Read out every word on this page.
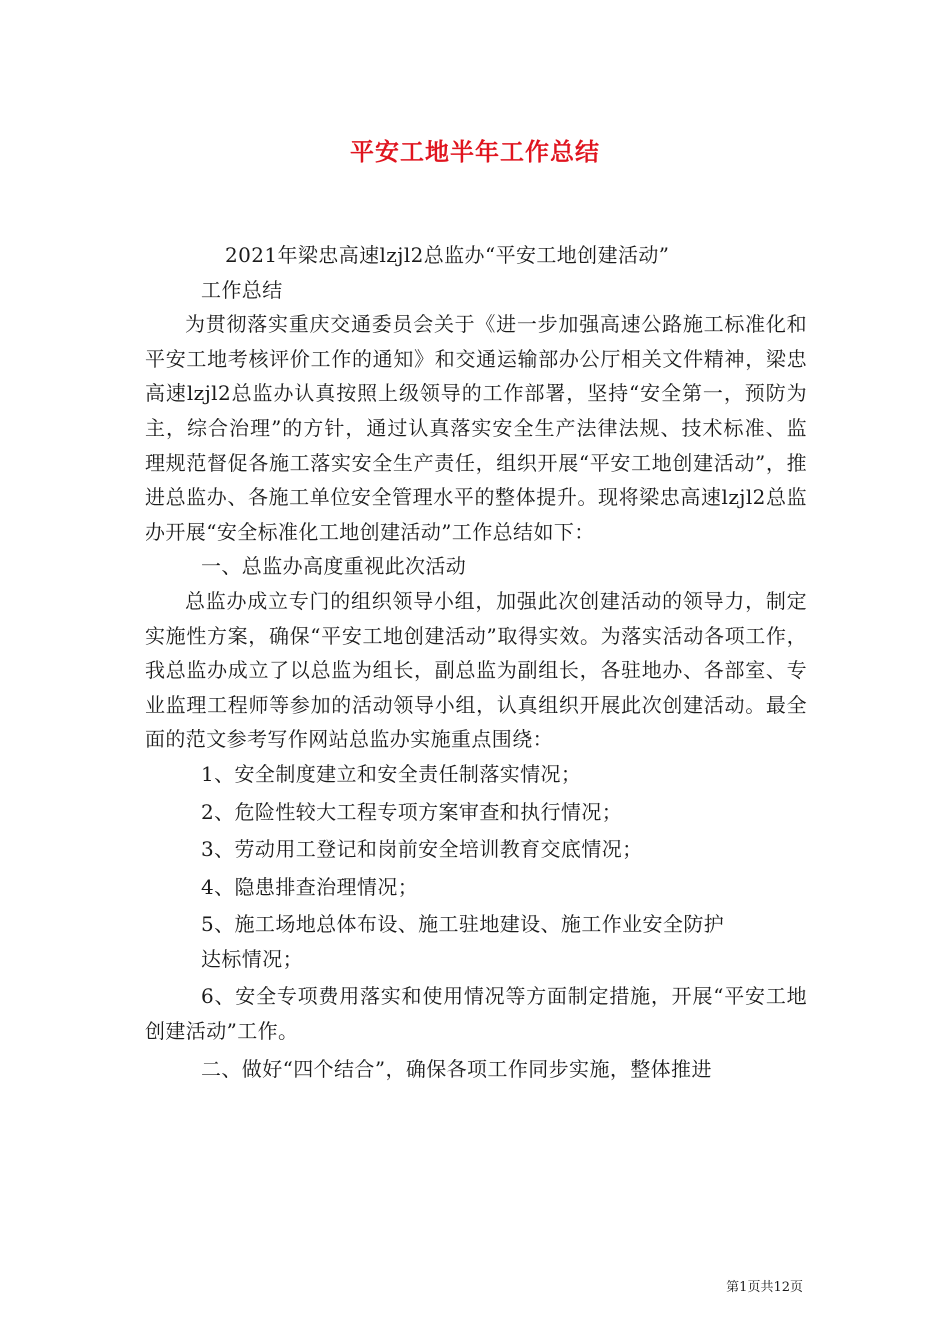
平安工地半年工作总结

2021年梁忠高速lzjl2总监办“平安工地创建活动”

工作总结

为贯彻落实重庆交通委员会关于《进一步加强高速公路施工标准化和平安工地考核评价工作的通知》和交通运输部办公厅相关文件精神，梁忠高速lzjl2总监办认真按照上级领导的工作部署，坚持“安全第一，预防为主，综合治理”的方针，通过认真落实安全生产法律法规、技术标准、监理规范督促各施工落实安全生产责任，组织开展“平安工地创建活动”，推进总监办、各施工单位安全管理水平的整体提升。现将梁忠高速lzjl2总监办开展“安全标准化工地创建活动”工作总结如下：

一、总监办高度重视此次活动

总监办成立专门的组织领导小组，加强此次创建活动的领导力，制定实施性方案，确保“平安工地创建活动”取得实效。为落实活动各项工作，我总监办成立了以总监为组长，副总监为副组长，各驻地办、各部室、专业监理工程师等参加的活动领导小组，认真组织开展此次创建活动。最全面的范文参考写作网站总监办实施重点围绕：

1、安全制度建立和安全责任制落实情况；

2、危险性较大工程专项方案审查和执行情况；

3、劳动用工登记和岗前安全培训教育交底情况；

4、隐患排查治理情况；

5、施工场地总体布设、施工驻地建设、施工作业安全防护

达标情况；

6、安全专项费用落实和使用情况等方面制定措施，开展“平安工地创建活动”工作。

二、做好“四个结合”，确保各项工作同步实施，整体推进

第1页共12页
